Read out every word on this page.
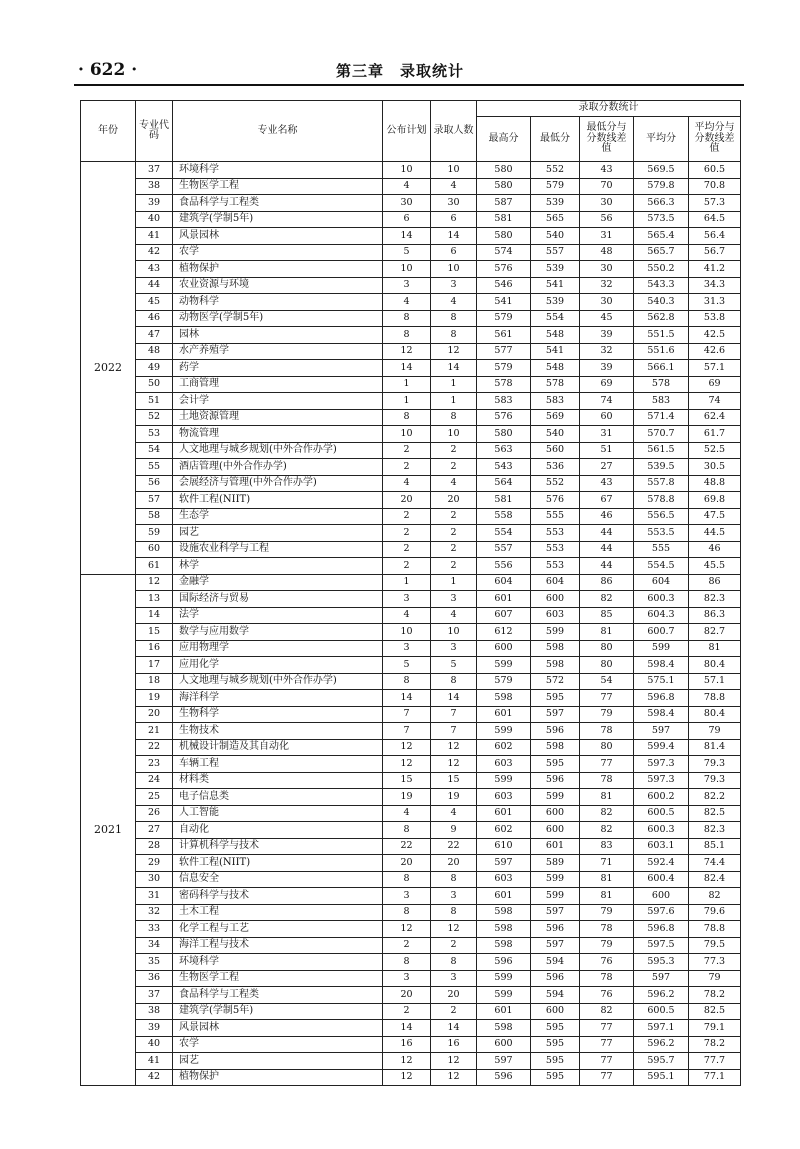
· 622 ·	第三章　录取统计
年份	专业代码	专业名称	公布计划	录取人数	录取分数统计				
					最高分	最低分	最低分与分数线差值	平均分	平均分与分数线差值
2022	37	环境科学	10	10	580	552	43	569.5	60.5
	38	生物医学工程	4	4	580	579	70	579.8	70.8
	39	食品科学与工程类	30	30	587	539	30	566.3	57.3
	40	建筑学(学制5年)	6	6	581	565	56	573.5	64.5
	41	风景园林	14	14	580	540	31	565.4	56.4
	42	农学	5	6	574	557	48	565.7	56.7
	43	植物保护	10	10	576	539	30	550.2	41.2
	44	农业资源与环境	3	3	546	541	32	543.3	34.3
	45	动物科学	4	4	541	539	30	540.3	31.3
	46	动物医学(学制5年)	8	8	579	554	45	562.8	53.8
	47	园林	8	8	561	548	39	551.5	42.5
	48	水产养殖学	12	12	577	541	32	551.6	42.6
	49	药学	14	14	579	548	39	566.1	57.1
	50	工商管理	1	1	578	578	69	578	69
	51	会计学	1	1	583	583	74	583	74
	52	土地资源管理	8	8	576	569	60	571.4	62.4
	53	物流管理	10	10	580	540	31	570.7	61.7
	54	人文地理与城乡规划(中外合作办学)	2	2	563	560	51	561.5	52.5
	55	酒店管理(中外合作办学)	2	2	543	536	27	539.5	30.5
	56	会展经济与管理(中外合作办学)	4	4	564	552	43	557.8	48.8
	57	软件工程(NIIT)	20	20	581	576	67	578.8	69.8
	58	生态学	2	2	558	555	46	556.5	47.5
	59	园艺	2	2	554	553	44	553.5	44.5
	60	设施农业科学与工程	2	2	557	553	44	555	46
	61	林学	2	2	556	553	44	554.5	45.5
2021	12	金融学	1	1	604	604	86	604	86
	13	国际经济与贸易	3	3	601	600	82	600.3	82.3
	14	法学	4	4	607	603	85	604.3	86.3
	15	数学与应用数学	10	10	612	599	81	600.7	82.7
	16	应用物理学	3	3	600	598	80	599	81
	17	应用化学	5	5	599	598	80	598.4	80.4
	18	人文地理与城乡规划(中外合作办学)	8	8	579	572	54	575.1	57.1
	19	海洋科学	14	14	598	595	77	596.8	78.8
	20	生物科学	7	7	601	597	79	598.4	80.4
	21	生物技术	7	7	599	596	78	597	79
	22	机械设计制造及其自动化	12	12	602	598	80	599.4	81.4
	23	车辆工程	12	12	603	595	77	597.3	79.3
	24	材料类	15	15	599	596	78	597.3	79.3
	25	电子信息类	19	19	603	599	81	600.2	82.2
	26	人工智能	4	4	601	600	82	600.5	82.5
	27	自动化	8	9	602	600	82	600.3	82.3
	28	计算机科学与技术	22	22	610	601	83	603.1	85.1
	29	软件工程(NIIT)	20	20	597	589	71	592.4	74.4
	30	信息安全	8	8	603	599	81	600.4	82.4
	31	密码科学与技术	3	3	601	599	81	600	82
	32	土木工程	8	8	598	597	79	597.6	79.6
	33	化学工程与工艺	12	12	598	596	78	596.8	78.8
	34	海洋工程与技术	2	2	598	597	79	597.5	79.5
	35	环境科学	8	8	596	594	76	595.3	77.3
	36	生物医学工程	3	3	599	596	78	597	79
	37	食品科学与工程类	20	20	599	594	76	596.2	78.2
	38	建筑学(学制5年)	2	2	601	600	82	600.5	82.5
	39	风景园林	14	14	598	595	77	597.1	79.1
	40	农学	16	16	600	595	77	596.2	78.2
	41	园艺	12	12	597	595	77	595.7	77.7
	42	植物保护	12	12	596	595	77	595.1	77.1
